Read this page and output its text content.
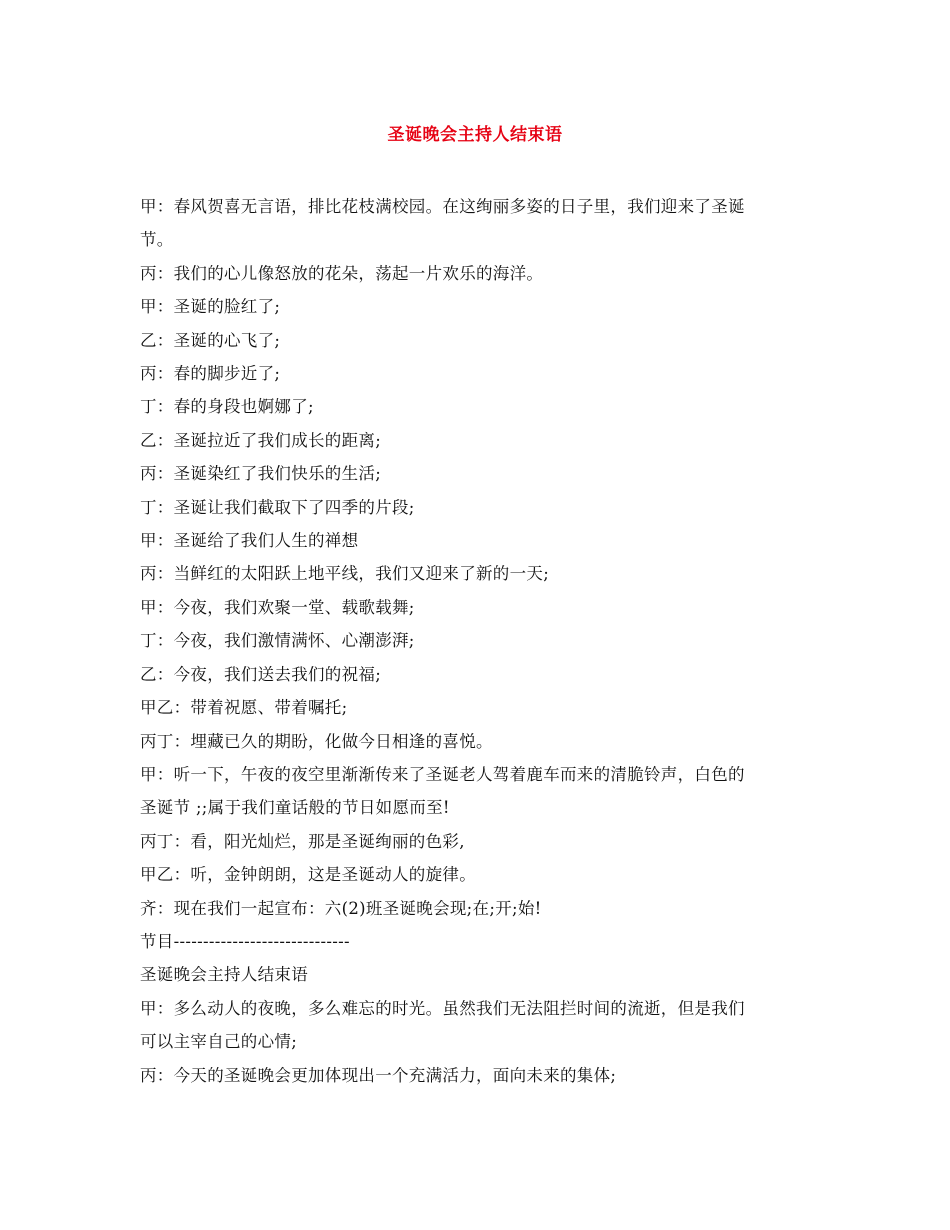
圣诞晚会主持人结束语
甲：春风贺喜无言语，排比花枝满校园。在这绚丽多姿的日子里，我们迎来了圣诞
节。
丙：我们的心儿像怒放的花朵，荡起一片欢乐的海洋。
甲：圣诞的脸红了;
乙：圣诞的心飞了;
丙：春的脚步近了;
丁：春的身段也婀娜了;
乙：圣诞拉近了我们成长的距离;
丙：圣诞染红了我们快乐的生活;
丁：圣诞让我们截取下了四季的片段;
甲：圣诞给了我们人生的禅想
丙：当鲜红的太阳跃上地平线，我们又迎来了新的一天;
甲：今夜，我们欢聚一堂、载歌载舞;
丁：今夜，我们激情满怀、心潮澎湃;
乙：今夜，我们送去我们的祝福;
甲乙：带着祝愿、带着嘱托;
丙丁：埋藏已久的期盼，化做今日相逢的喜悦。
甲：听一下，午夜的夜空里渐渐传来了圣诞老人驾着鹿车而来的清脆铃声，白色的
圣诞节 ;;属于我们童话般的节日如愿而至!
丙丁：看，阳光灿烂，那是圣诞绚丽的色彩,
甲乙：听，金钟朗朗，这是圣诞动人的旋律。
齐：现在我们一起宣布：六(2)班圣诞晚会现;在;开;始!
节目------------------------------
圣诞晚会主持人结束语
甲：多么动人的夜晚，多么难忘的时光。虽然我们无法阻拦时间的流逝，但是我们
可以主宰自己的心情;
丙：今天的圣诞晚会更加体现出一个充满活力，面向未来的集体;
